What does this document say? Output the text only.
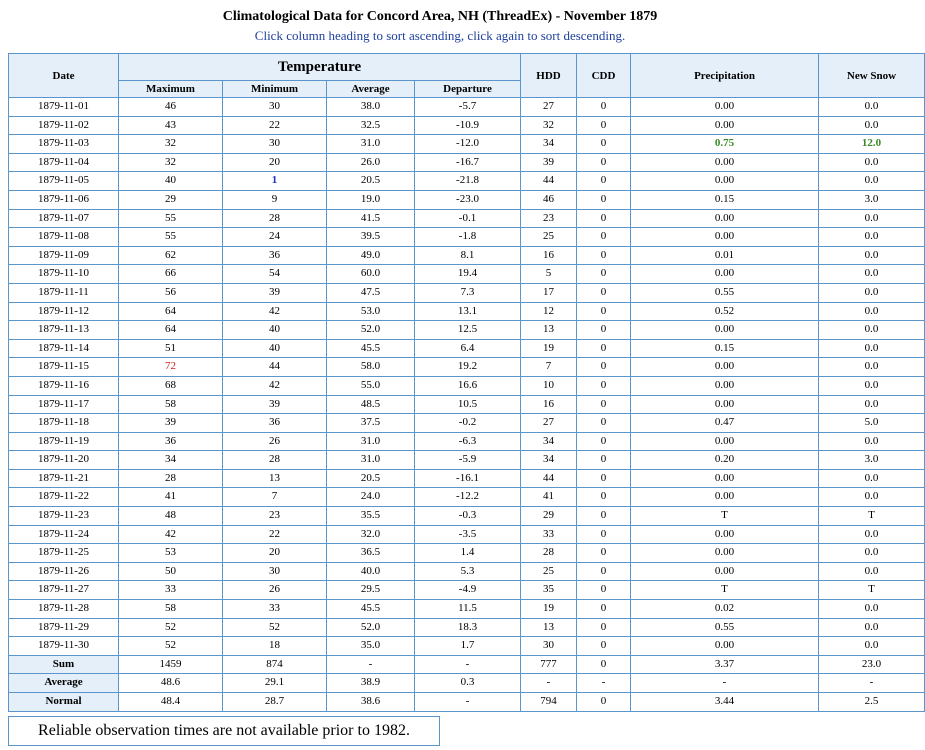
Climatological Data for Concord Area, NH (ThreadEx) - November 1879
Click column heading to sort ascending, click again to sort descending.
Date	Temperature				HDD	CDD	Precipitation	New Snow
	Maximum	Minimum	Average	Departure				
1879-11-01	46	30	38.0	-5.7	27	0	0.00	0.0
1879-11-02	43	22	32.5	-10.9	32	0	0.00	0.0
1879-11-03	32	30	31.0	-12.0	34	0	0.75	12.0
1879-11-04	32	20	26.0	-16.7	39	0	0.00	0.0
1879-11-05	40	1	20.5	-21.8	44	0	0.00	0.0
1879-11-06	29	9	19.0	-23.0	46	0	0.15	3.0
1879-11-07	55	28	41.5	-0.1	23	0	0.00	0.0
1879-11-08	55	24	39.5	-1.8	25	0	0.00	0.0
1879-11-09	62	36	49.0	8.1	16	0	0.01	0.0
1879-11-10	66	54	60.0	19.4	5	0	0.00	0.0
1879-11-11	56	39	47.5	7.3	17	0	0.55	0.0
1879-11-12	64	42	53.0	13.1	12	0	0.52	0.0
1879-11-13	64	40	52.0	12.5	13	0	0.00	0.0
1879-11-14	51	40	45.5	6.4	19	0	0.15	0.0
1879-11-15	72	44	58.0	19.2	7	0	0.00	0.0
1879-11-16	68	42	55.0	16.6	10	0	0.00	0.0
1879-11-17	58	39	48.5	10.5	16	0	0.00	0.0
1879-11-18	39	36	37.5	-0.2	27	0	0.47	5.0
1879-11-19	36	26	31.0	-6.3	34	0	0.00	0.0
1879-11-20	34	28	31.0	-5.9	34	0	0.20	3.0
1879-11-21	28	13	20.5	-16.1	44	0	0.00	0.0
1879-11-22	41	7	24.0	-12.2	41	0	0.00	0.0
1879-11-23	48	23	35.5	-0.3	29	0	T	T
1879-11-24	42	22	32.0	-3.5	33	0	0.00	0.0
1879-11-25	53	20	36.5	1.4	28	0	0.00	0.0
1879-11-26	50	30	40.0	5.3	25	0	0.00	0.0
1879-11-27	33	26	29.5	-4.9	35	0	T	T
1879-11-28	58	33	45.5	11.5	19	0	0.02	0.0
1879-11-29	52	52	52.0	18.3	13	0	0.55	0.0
1879-11-30	52	18	35.0	1.7	30	0	0.00	0.0
Sum	1459	874	-	-	777	0	3.37	23.0
Average	48.6	29.1	38.9	0.3	-	-	-	-
Normal	48.4	28.7	38.6	-	794	0	3.44	2.5
Reliable observation times are not available prior to 1982.
